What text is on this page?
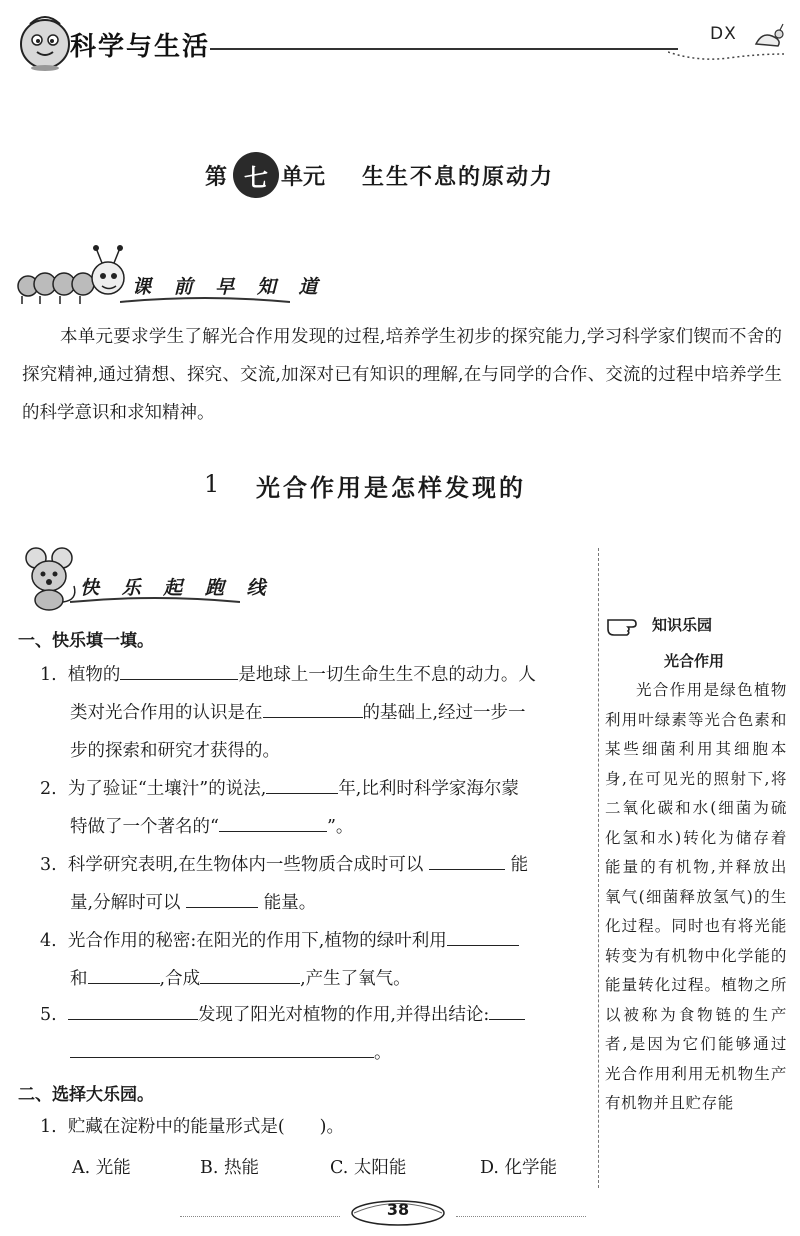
科学与生活	DX
第 七 单元 生生不息的原动力
课 前 早 知 道
本单元要求学生了解光合作用发现的过程,培养学生初步的探究能力,学习科学家们锲而不舍的探究精神,通过猜想、探究、交流,加深对已有知识的理解,在与同学的合作、交流的过程中培养学生的科学意识和求知精神。
1 光合作用是怎样发现的
快 乐 起 跑 线
一、快乐填一填。
1. 植物的	是地球上一切生命生生不息的动力。人
类对光合作用的认识是在	的基础上,经过一步一
步的探索和研究才获得的。
2. 为了验证“土壤汁”的说法,	年,比利时科学家海尔蒙
特做了一个著名的“	”。
3. 科学研究表明,在生物体内一些物质合成时可以	能
量,分解时可以	能量。
4. 光合作用的秘密:在阳光的作用下,植物的绿叶利用
和	,合成	,产生了氧气。
5.	发现了阳光对植物的作用,并得出结论:
。
二、选择大乐园。
1. 贮藏在淀粉中的能量形式是(　　)。
A. 光能	B. 热能	C. 太阳能	D. 化学能
知识乐园
光合作用
光合作用是绿色植物利用叶绿素等光合色素和某些细菌利用其细胞本身,在可见光的照射下,将二氧化碳和水(细菌为硫化氢和水)转化为储存着能量的有机物,并释放出氧气(细菌释放氢气)的生化过程。同时也有将光能转变为有机物中化学能的能量转化过程。植物之所以被称为食物链的生产者,是因为它们能够通过光合作用利用无机物生产有机物并且贮存能
38
